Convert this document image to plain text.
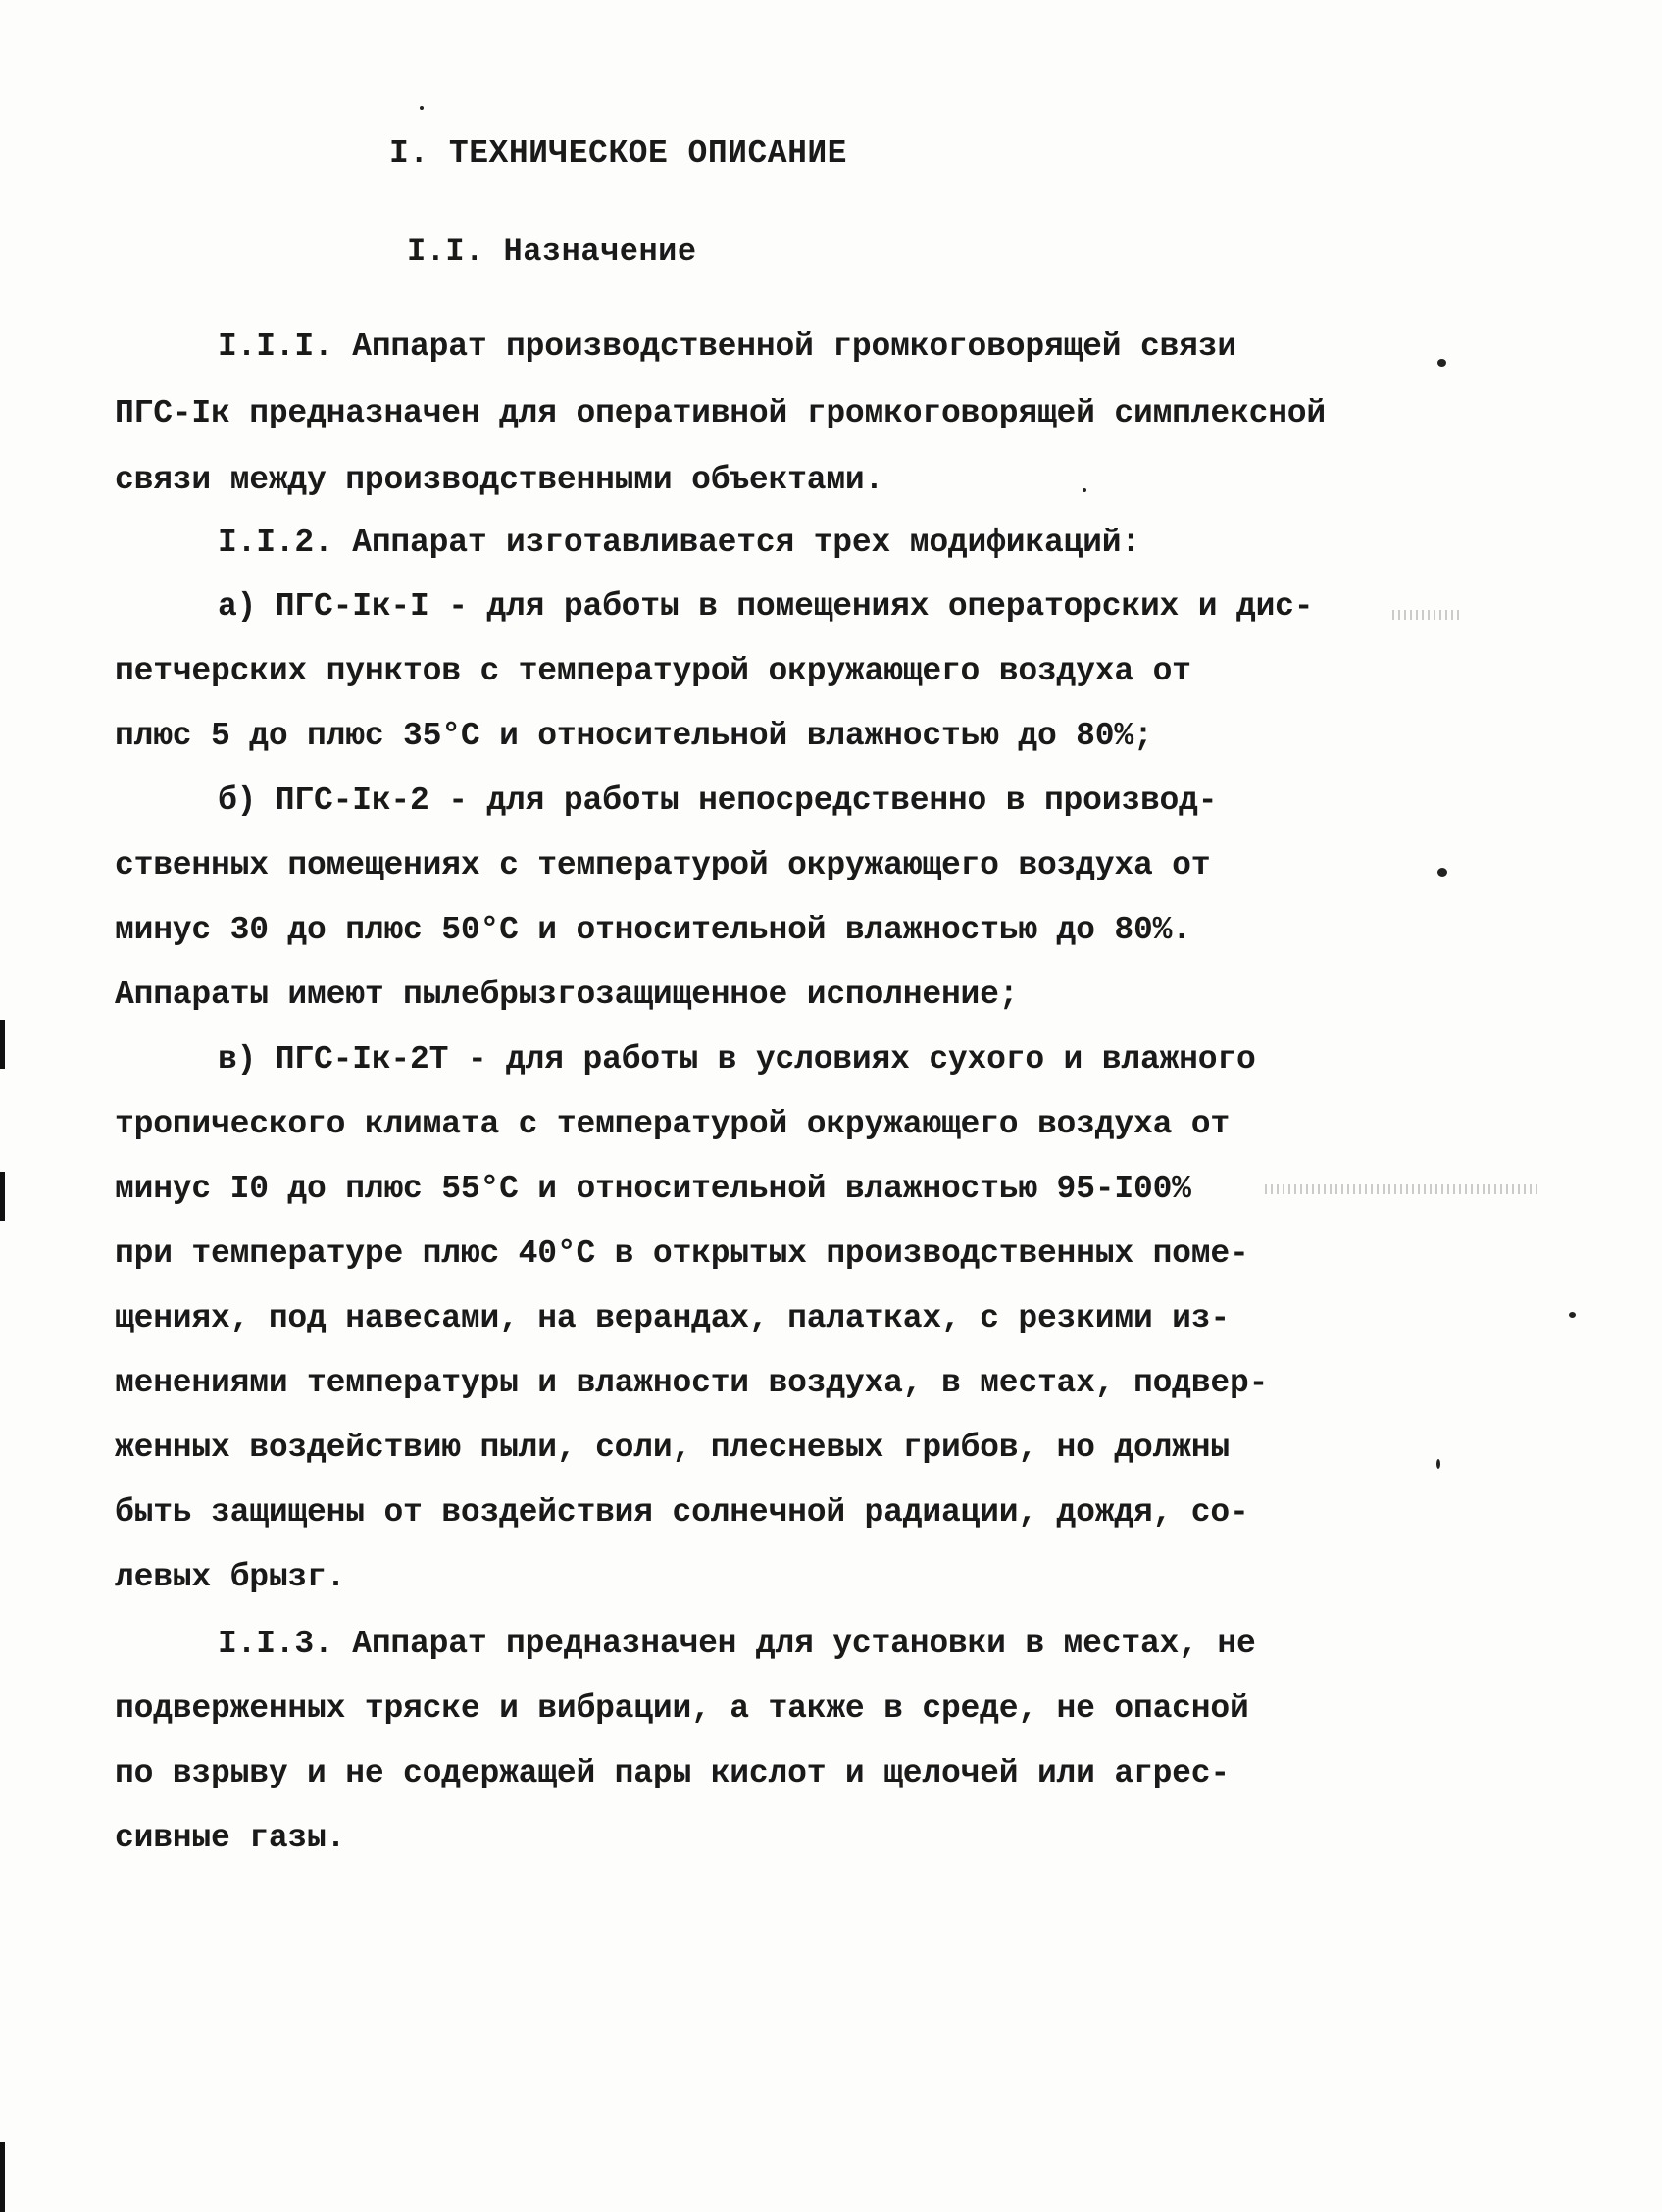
I. ТЕХНИЧЕСКОЕ ОПИСАНИЕ
I.I. Назначение
I.I.I. Аппарат производственной громкоговорящей связи
ПГС-Iк предназначен для оперативной громкоговорящей симплексной
связи между производственными объектами.
I.I.2. Аппарат изготавливается трех модификаций:
а) ПГС-Iк-I - для работы в помещениях операторских и дис-
петчерских пунктов с температурой окружающего воздуха от
плюс 5 до плюс 35°С и относительной влажностью до 80%;
б) ПГС-Iк-2 - для работы непосредственно в производ-
ственных помещениях с температурой окружающего воздуха от
минус 30 до плюс 50°С и относительной влажностью до 80%.
Аппараты имеют пылебрызгозащищенное исполнение;
в) ПГС-Iк-2Т - для работы в условиях сухого и влажного
тропического климата с температурой окружающего воздуха от
минус I0 до плюс 55°С и относительной влажностью 95-I00%
при температуре плюс 40°С в открытых производственных поме-
щениях, под навесами, на верандах, палатках, с резкими из-
менениями температуры и влажности воздуха, в местах, подвер-
женных воздействию пыли, соли, плесневых грибов, но должны
быть защищены от воздействия солнечной радиации, дождя, со-
левых брызг.
I.I.3. Аппарат предназначен для установки в местах, не
подверженных тряске и вибрации, а также в среде, не опасной
по взрыву и не содержащей пары кислот и щелочей или агрес-
сивные газы.
